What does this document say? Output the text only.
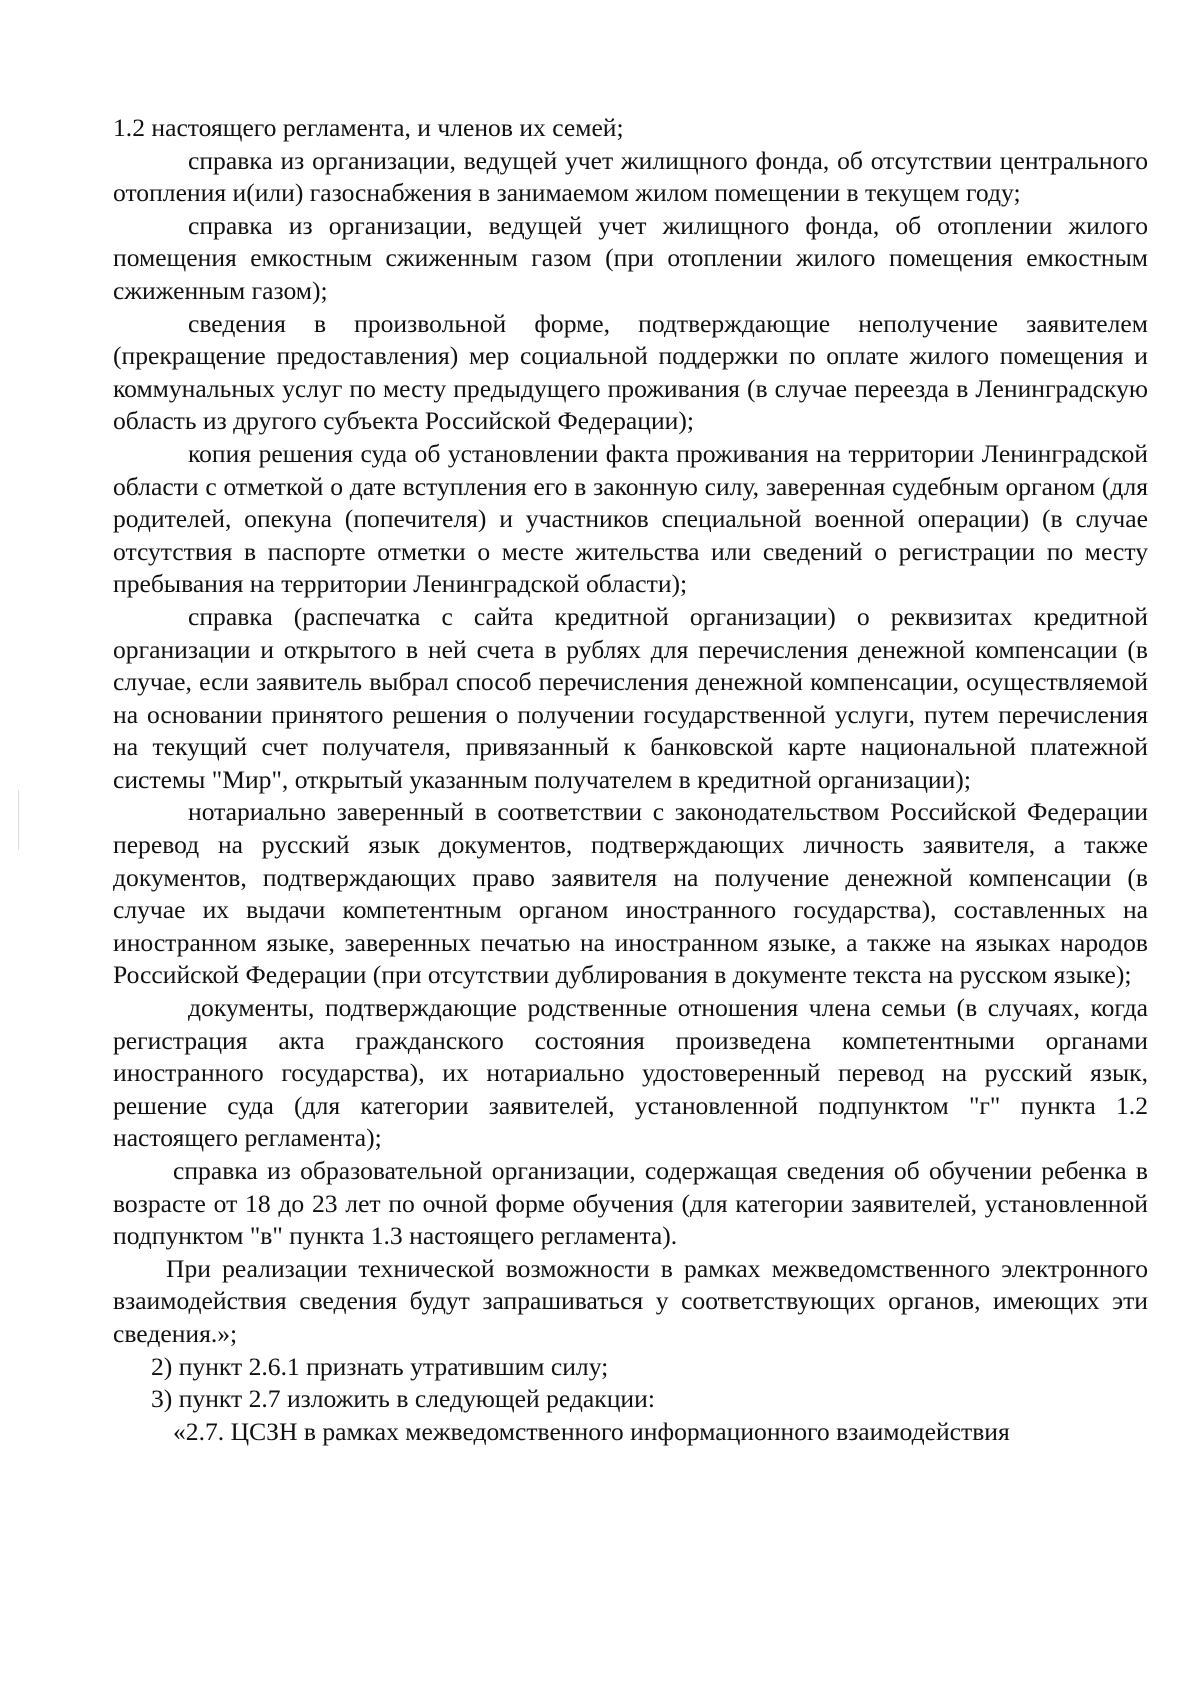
1.2 настоящего регламента, и членов их семей;

справка из организации, ведущей учет жилищного фонда, об отсутствии центрального отопления и(или) газоснабжения в занимаемом жилом помещении в текущем году;

справка из организации, ведущей учет жилищного фонда, об отоплении жилого помещения емкостным сжиженным газом (при отоплении жилого помещения емкостным сжиженным газом);

сведения в произвольной форме, подтверждающие неполучение заявителем (прекращение предоставления) мер социальной поддержки по оплате жилого помещения и коммунальных услуг по месту предыдущего проживания (в случае переезда в Ленинградскую область из другого субъекта Российской Федерации);

копия решения суда об установлении факта проживания на территории Ленинградской области с отметкой о дате вступления его в законную силу, заверенная судебным органом (для родителей, опекуна (попечителя) и участников специальной военной операции) (в случае отсутствия в паспорте отметки о месте жительства или сведений о регистрации по месту пребывания на территории Ленинградской области);

справка (распечатка с сайта кредитной организации) о реквизитах кредитной организации и открытого в ней счета в рублях для перечисления денежной компенсации (в случае, если заявитель выбрал способ перечисления денежной компенсации, осуществляемой на основании принятого решения о получении государственной услуги, путем перечисления на текущий счет получателя, привязанный к банковской карте национальной платежной системы "Мир", открытый указанным получателем в кредитной организации);

нотариально заверенный в соответствии с законодательством Российской Федерации перевод на русский язык документов, подтверждающих личность заявителя, а также документов, подтверждающих право заявителя на получение денежной компенсации (в случае их выдачи компетентным органом иностранного государства), составленных на иностранном языке, заверенных печатью на иностранном языке, а также на языках народов Российской Федерации (при отсутствии дублирования в документе текста на русском языке);

документы, подтверждающие родственные отношения члена семьи (в случаях, когда регистрация акта гражданского состояния произведена компетентными органами иностранного государства), их нотариально удостоверенный перевод на русский язык, решение суда (для категории заявителей, установленной подпунктом "г" пункта 1.2 настоящего регламента);

справка из образовательной организации, содержащая сведения об обучении ребенка в возрасте от 18 до 23 лет по очной форме обучения (для категории заявителей, установленной подпунктом "в" пункта 1.3 настоящего регламента).

При реализации технической возможности в рамках межведомственного электронного взаимодействия сведения будут запрашиваться у соответствующих органов, имеющих эти сведения.»;

2) пункт 2.6.1 признать утратившим силу;

3) пункт 2.7 изложить в следующей редакции:

«2.7. ЦСЗН в рамках межведомственного информационного взаимодействия
